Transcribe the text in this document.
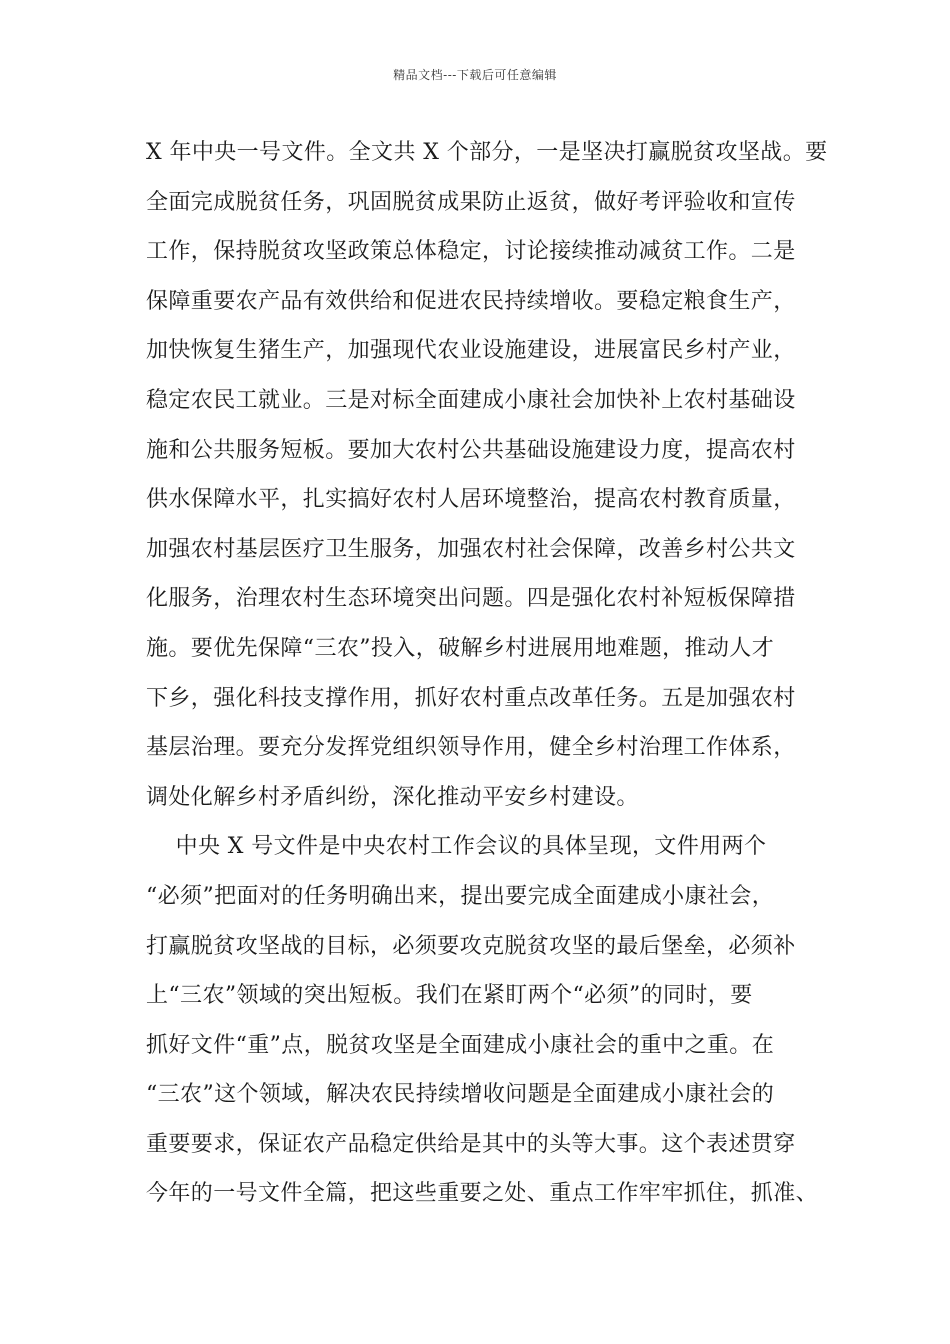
精品文档---下载后可任意编辑
X 年中央一号文件。全文共 X 个部分，一是坚决打赢脱贫攻坚战。要
全面完成脱贫任务，巩固脱贫成果防止返贫，做好考评验收和宣传
工作，保持脱贫攻坚政策总体稳定，讨论接续推动减贫工作。二是
保障重要农产品有效供给和促进农民持续增收。要稳定粮食生产，
加快恢复生猪生产，加强现代农业设施建设，进展富民乡村产业，
稳定农民工就业。三是对标全面建成小康社会加快补上农村基础设
施和公共服务短板。要加大农村公共基础设施建设力度，提高农村
供水保障水平，扎实搞好农村人居环境整治，提高农村教育质量，
加强农村基层医疗卫生服务，加强农村社会保障，改善乡村公共文
化服务，治理农村生态环境突出问题。四是强化农村补短板保障措
施。要优先保障“三农”投入，破解乡村进展用地难题，推动人才
下乡，强化科技支撑作用，抓好农村重点改革任务。五是加强农村
基层治理。要充分发挥党组织领导作用，健全乡村治理工作体系，
调处化解乡村矛盾纠纷，深化推动平安乡村建设。
中央 X 号文件是中央农村工作会议的具体呈现，文件用两个
“必须”把面对的任务明确出来，提出要完成全面建成小康社会，
打赢脱贫攻坚战的目标，必须要攻克脱贫攻坚的最后堡垒，必须补
上“三农”领域的突出短板。我们在紧盯两个“必须”的同时，要
抓好文件“重”点，脱贫攻坚是全面建成小康社会的重中之重。在
“三农”这个领域，解决农民持续增收问题是全面建成小康社会的
重要要求，保证农产品稳定供给是其中的头等大事。这个表述贯穿
今年的一号文件全篇，把这些重要之处、重点工作牢牢抓住，抓准、
